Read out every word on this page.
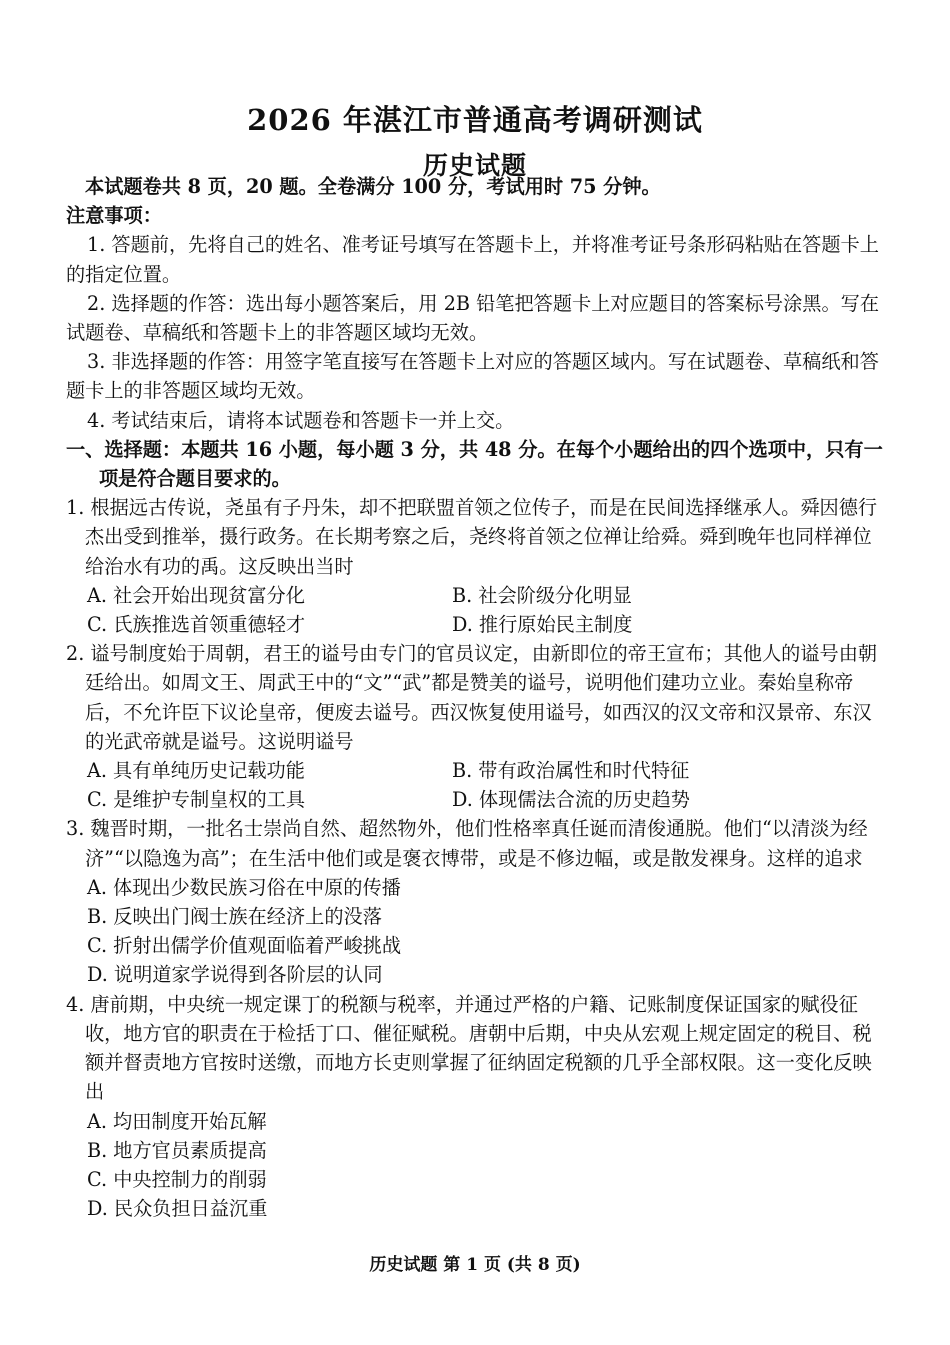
2026 年湛江市普通高考调研测试
历史试题

本试题卷共 8 页，20 题。全卷满分 100 分，考试用时 75 分钟。

注意事项：

1. 答题前，先将自己的姓名、准考证号填写在答题卡上，并将准考证号条形码粘贴在答题卡上的指定位置。

2. 选择题的作答：选出每小题答案后，用 2B 铅笔把答题卡上对应题目的答案标号涂黑。写在试题卷、草稿纸和答题卡上的非答题区域均无效。

3. 非选择题的作答：用签字笔直接写在答题卡上对应的答题区域内。写在试题卷、草稿纸和答题卡上的非答题区域均无效。

4. 考试结束后，请将本试题卷和答题卡一并上交。

一、选择题：本题共 16 小题，每小题 3 分，共 48 分。在每个小题给出的四个选项中，只有一项是符合题目要求的。

1. 根据远古传说，尧虽有子丹朱，却不把联盟首领之位传子，而是在民间选择继承人。舜因德行杰出受到推举，摄行政务。在长期考察之后，尧终将首领之位禅让给舜。舜到晚年也同样禅位给治水有功的禹。这反映出当时

A. 社会开始出现贫富分化	B. 社会阶级分化明显
C. 氏族推选首领重德轻才	D. 推行原始民主制度

2. 谥号制度始于周朝，君王的谥号由专门的官员议定，由新即位的帝王宣布；其他人的谥号由朝廷给出。如周文王、周武王中的“文”“武”都是赞美的谥号，说明他们建功立业。秦始皇称帝后，不允许臣下议论皇帝，便废去谥号。西汉恢复使用谥号，如西汉的汉文帝和汉景帝、东汉的光武帝就是谥号。这说明谥号

A. 具有单纯历史记载功能	B. 带有政治属性和时代特征
C. 是维护专制皇权的工具	D. 体现儒法合流的历史趋势

3. 魏晋时期，一批名士崇尚自然、超然物外，他们性格率真任诞而清俊通脱。他们“以清淡为经济”“以隐逸为高”；在生活中他们或是褒衣博带，或是不修边幅，或是散发裸身。这样的追求

A. 体现出少数民族习俗在中原的传播

B. 反映出门阀士族在经济上的没落

C. 折射出儒学价值观面临着严峻挑战

D. 说明道家学说得到各阶层的认同

4. 唐前期，中央统一规定课丁的税额与税率，并通过严格的户籍、记账制度保证国家的赋役征收，地方官的职责在于检括丁口、催征赋税。唐朝中后期，中央从宏观上规定固定的税目、税额并督责地方官按时送缴，而地方长吏则掌握了征纳固定税额的几乎全部权限。这一变化反映出

A. 均田制度开始瓦解

B. 地方官员素质提高

C. 中央控制力的削弱

D. 民众负担日益沉重

历史试题 第 1 页 (共 8 页)
